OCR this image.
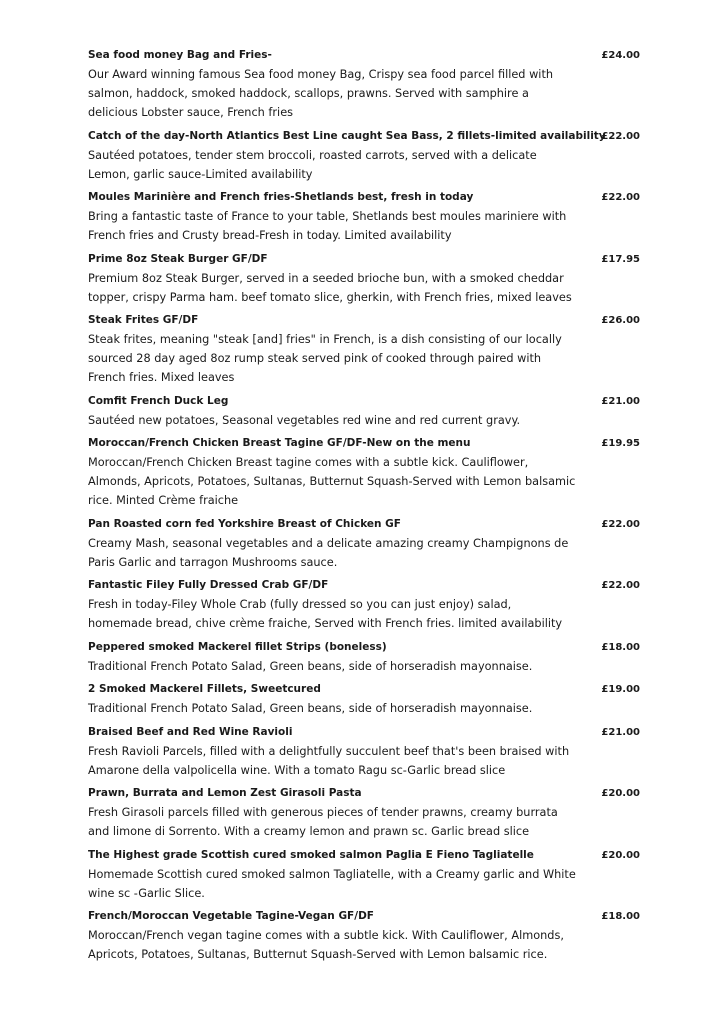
Sea food money Bag and Fries-	£24.00

Our Award winning famous Sea food money Bag, Crispy sea food parcel filled with salmon, haddock, smoked haddock, scallops, prawns. Served with samphire a delicious Lobster sauce, French fries

Catch of the day-North Atlantics Best Line caught Sea Bass, 2 fillets-limited availability
£22.00

Sautéed potatoes, tender stem broccoli, roasted carrots, served with a delicate Lemon, garlic sauce-Limited availability

Moules Marinière and French fries-Shetlands best, fresh in today	£22.00

Bring a fantastic taste of France to your table, Shetlands best moules mariniere with French fries and Crusty bread-Fresh in today. Limited availability

Prime 8oz Steak Burger GF/DF	£17.95

Premium 8oz Steak Burger, served in a seeded brioche bun, with a smoked cheddar topper, crispy Parma ham. beef tomato slice, gherkin, with French fries, mixed leaves

Steak Frites GF/DF	£26.00

Steak frites, meaning "steak [and] fries" in French, is a dish consisting of our locally sourced 28 day aged 8oz rump steak served pink of cooked through paired with French fries. Mixed leaves

Comfit French Duck Leg	£21.00

Sautéed new potatoes, Seasonal vegetables red wine and red current gravy.

Moroccan/French Chicken Breast Tagine GF/DF-New on the menu	£19.95

Moroccan/French Chicken Breast tagine comes with a subtle kick. Cauliflower, Almonds, Apricots, Potatoes, Sultanas, Butternut Squash-Served with Lemon balsamic rice. Minted Crème fraiche

Pan Roasted corn fed Yorkshire Breast of Chicken GF	£22.00

Creamy Mash, seasonal vegetables and a delicate amazing creamy Champignons de Paris Garlic and tarragon Mushrooms sauce.

Fantastic Filey Fully Dressed Crab GF/DF	£22.00

Fresh in today-Filey Whole Crab (fully dressed so you can just enjoy) salad, homemade bread, chive crème fraiche, Served with French fries. limited availability

Peppered smoked Mackerel fillet Strips (boneless)	£18.00

Traditional French Potato Salad, Green beans, side of horseradish mayonnaise.

2 Smoked Mackerel Fillets, Sweetcured	£19.00

Traditional French Potato Salad, Green beans, side of horseradish mayonnaise.

Braised Beef and Red Wine Ravioli	£21.00

Fresh Ravioli Parcels, filled with a delightfully succulent beef that's been braised with Amarone della valpolicella wine. With a tomato Ragu sc-Garlic bread slice

Prawn, Burrata and Lemon Zest Girasoli Pasta	£20.00

Fresh Girasoli parcels filled with generous pieces of tender prawns, creamy burrata and limone di Sorrento. With a creamy lemon and prawn sc. Garlic bread slice

The Highest grade Scottish cured smoked salmon Paglia E Fieno Tagliatelle	£20.00

Homemade Scottish cured smoked salmon Tagliatelle, with a Creamy garlic and White wine sc -Garlic Slice.

French/Moroccan Vegetable Tagine-Vegan GF/DF	£18.00

Moroccan/French vegan tagine comes with a subtle kick. With Cauliflower, Almonds, Apricots, Potatoes, Sultanas, Butternut Squash-Served with Lemon balsamic rice.
